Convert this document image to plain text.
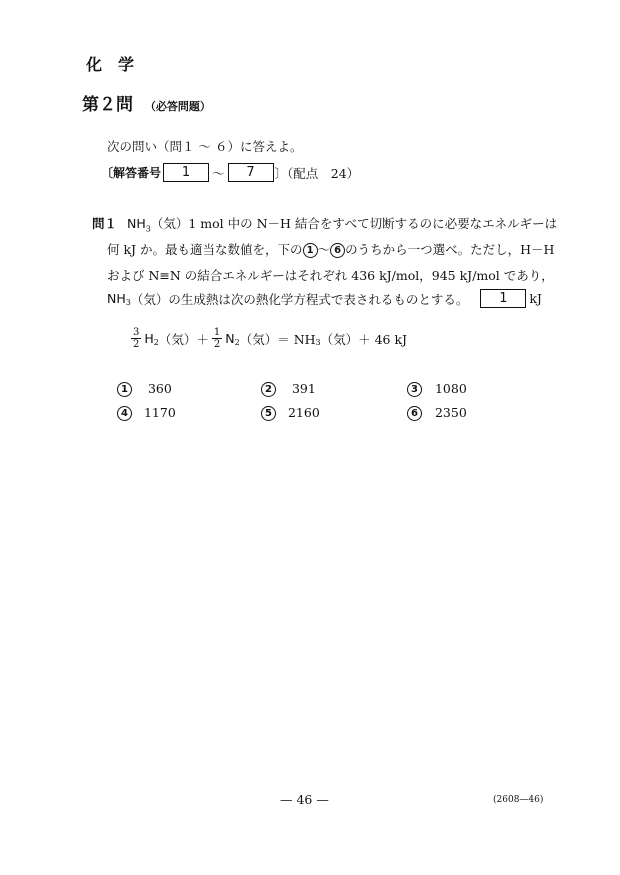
化　学
第２問 （必答問題）
次の問い（問１ ～ ６）に答えよ。
〔解答番号	1	～	7	〕（配点　24）
問１ $NH_3$（気）1 mol 中の N－H 結合をすべて切断するのに必要なエネルギーは
何 kJ か。最も適当な数値を，下の 1 ～ 6 のうちから一つ選べ。ただし，H－H
および N≡N の結合エネルギーはそれぞれ 436 kJ/mol，945 kJ/mol であり，
$NH_3$ （気）の生成熱は次の熱化学方程式で表されるものとする。	1	kJ
$\frac{3}{2} H_2$ （気）＋ $\frac{1}{2} N_2$ （気）＝ $NH_3$ （気）＋ 46 kJ
1 360	2 391	3 1080
4 1170	5 2160	6 2350
— 46 —	(2608—46)
